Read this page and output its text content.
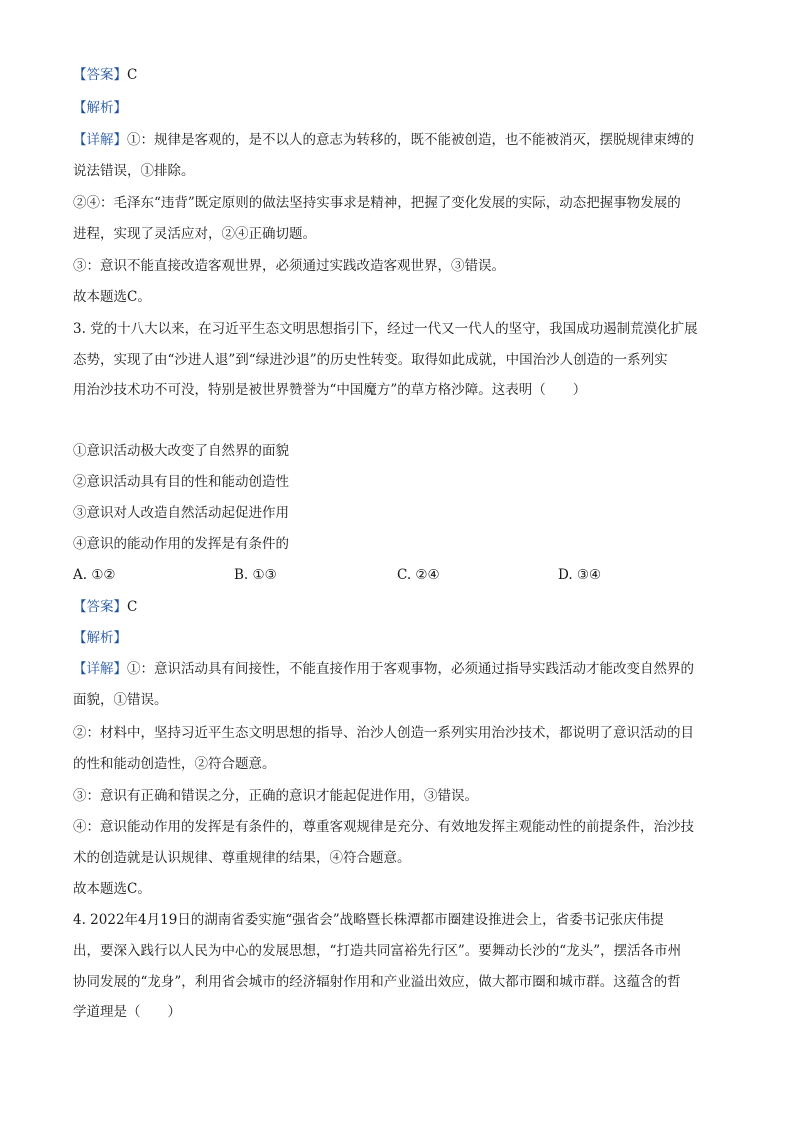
【答案】C
【解析】
【详解】①：规律是客观的，是不以人的意志为转移的，既不能被创造，也不能被消灭，摆脱规律束缚的
说法错误，①排除。
②④：毛泽东“违背”既定原则的做法坚持实事求是精神，把握了变化发展的实际，动态把握事物发展的
进程，实现了灵活应对，②④正确切题。
③：意识不能直接改造客观世界，必须通过实践改造客观世界，③错误。
故本题选C。
3. 党的十八大以来，在习近平生态文明思想指引下，经过一代又一代人的坚守，我国成功遏制荒漠化扩展
态势，实现了由“沙进人退”到“绿进沙退”的历史性转变。取得如此成就，中国治沙人创造的一系列实
用治沙技术功不可没，特别是被世界赞誉为“中国魔方”的草方格沙障。这表明（　　）
①意识活动极大改变了自然界的面貌
②意识活动具有目的性和能动创造性
③意识对人改造自然活动起促进作用
④意识的能动作用的发挥是有条件的
A. ①②	B. ①③	C. ②④	D. ③④
【答案】C
【解析】
【详解】①：意识活动具有间接性，不能直接作用于客观事物，必须通过指导实践活动才能改变自然界的
面貌，①错误。
②：材料中，坚持习近平生态文明思想的指导、治沙人创造一系列实用治沙技术，都说明了意识活动的目
的性和能动创造性，②符合题意。
③：意识有正确和错误之分，正确的意识才能起促进作用，③错误。
④：意识能动作用的发挥是有条件的，尊重客观规律是充分、有效地发挥主观能动性的前提条件，治沙技
术的创造就是认识规律、尊重规律的结果，④符合题意。
故本题选C。
4. 2022年4月19日的湖南省委实施“强省会”战略暨长株潭都市圈建设推进会上，省委书记张庆伟提
出，要深入践行以人民为中心的发展思想，“打造共同富裕先行区”。要舞动长沙的“龙头”，摆活各市州
协同发展的“龙身”，利用省会城市的经济辐射作用和产业溢出效应，做大都市圈和城市群。这蕴含的哲
学道理是（　　）
